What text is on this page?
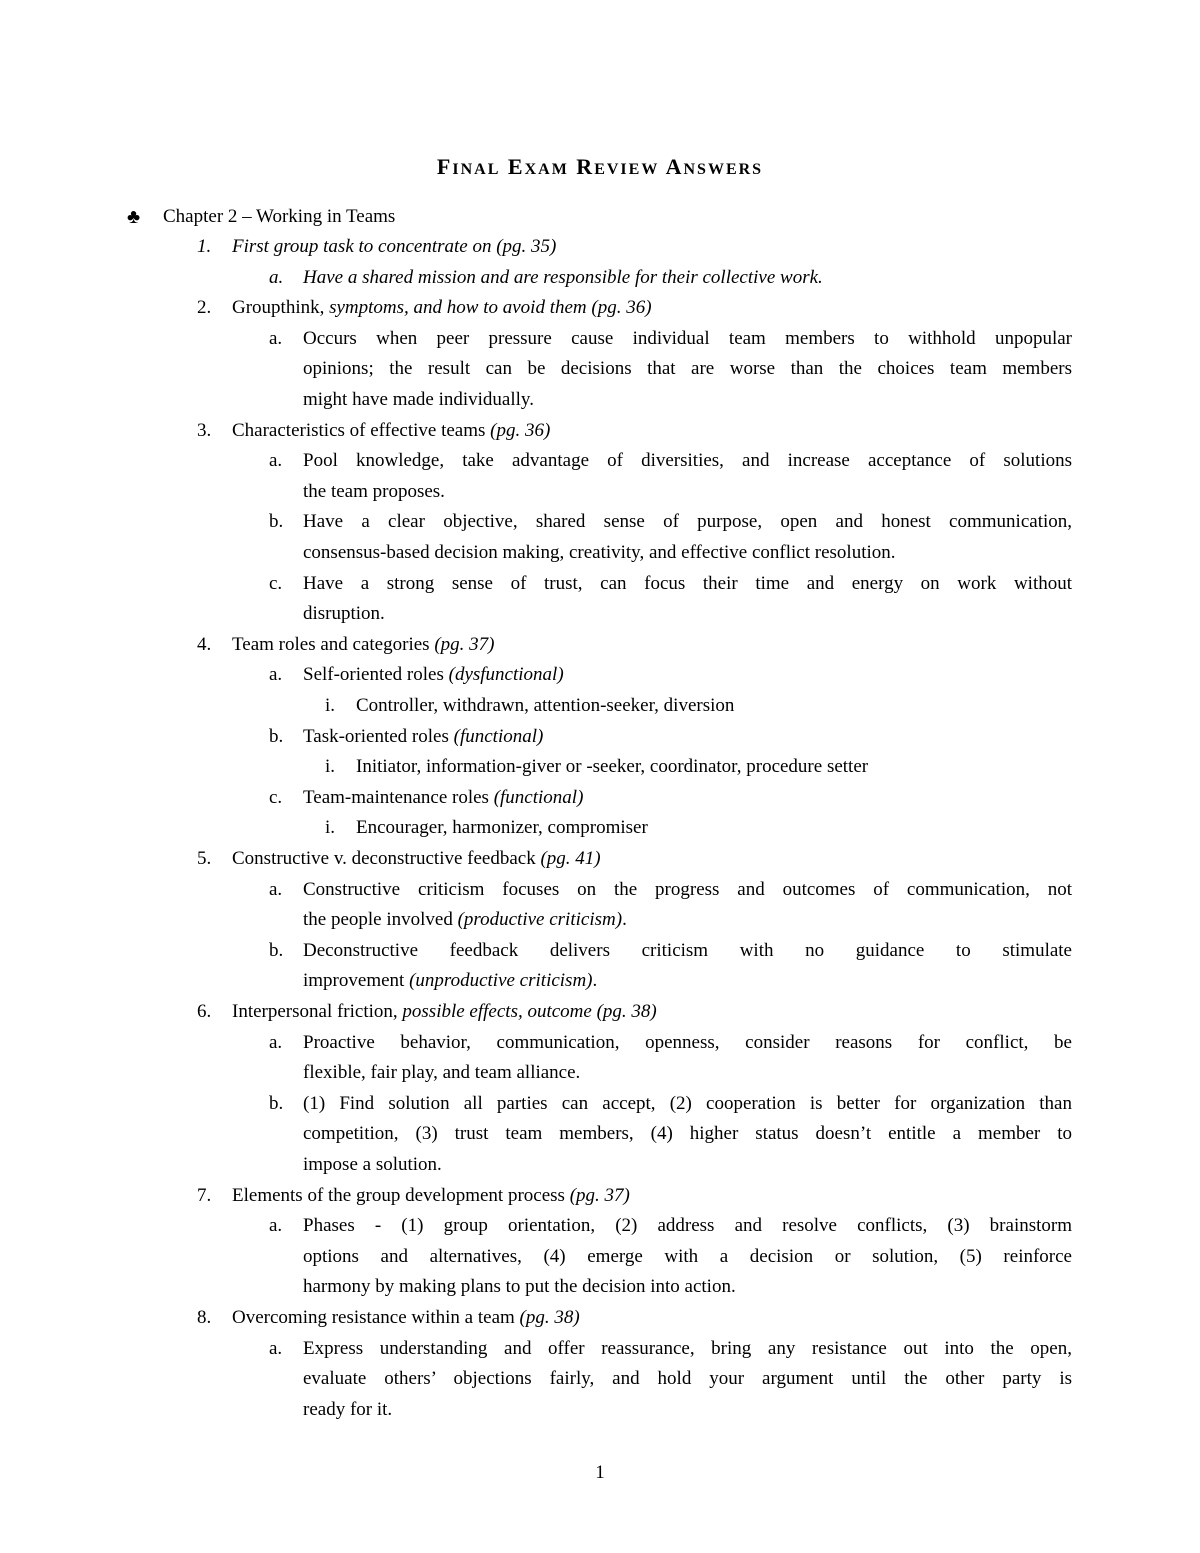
FINAL EXAM REVIEW ANSWERS
♣ Chapter 2 – Working in Teams
1. First group task to concentrate on (pg. 35)
a. Have a shared mission and are responsible for their collective work.
2. Groupthink, symptoms, and how to avoid them (pg. 36)
a. Occurs when peer pressure cause individual team members to withhold unpopular
opinions; the result can be decisions that are worse than the choices team members
might have made individually.
3. Characteristics of effective teams (pg. 36)
a. Pool knowledge, take advantage of diversities, and increase acceptance of solutions
the team proposes.
b. Have a clear objective, shared sense of purpose, open and honest communication,
consensus-based decision making, creativity, and effective conflict resolution.
c. Have a strong sense of trust, can focus their time and energy on work without
disruption.
4. Team roles and categories (pg. 37)
a. Self-oriented roles (dysfunctional)
i. Controller, withdrawn, attention-seeker, diversion
b. Task-oriented roles (functional)
i. Initiator, information-giver or -seeker, coordinator, procedure setter
c. Team-maintenance roles (functional)
i. Encourager, harmonizer, compromiser
5. Constructive v. deconstructive feedback (pg. 41)
a. Constructive criticism focuses on the progress and outcomes of communication, not
the people involved (productive criticism).
b. Deconstructive feedback delivers criticism with no guidance to stimulate
improvement (unproductive criticism).
6. Interpersonal friction, possible effects, outcome (pg. 38)
a. Proactive behavior, communication, openness, consider reasons for conflict, be
flexible, fair play, and team alliance.
b. (1) Find solution all parties can accept, (2) cooperation is better for organization than
competition, (3) trust team members, (4) higher status doesn’t entitle a member to
impose a solution.
7. Elements of the group development process (pg. 37)
a. Phases - (1) group orientation, (2) address and resolve conflicts, (3) brainstorm
options and alternatives, (4) emerge with a decision or solution, (5) reinforce
harmony by making plans to put the decision into action.
8. Overcoming resistance within a team (pg. 38)
a. Express understanding and offer reassurance, bring any resistance out into the open,
evaluate others’ objections fairly, and hold your argument until the other party is
ready for it.
1
